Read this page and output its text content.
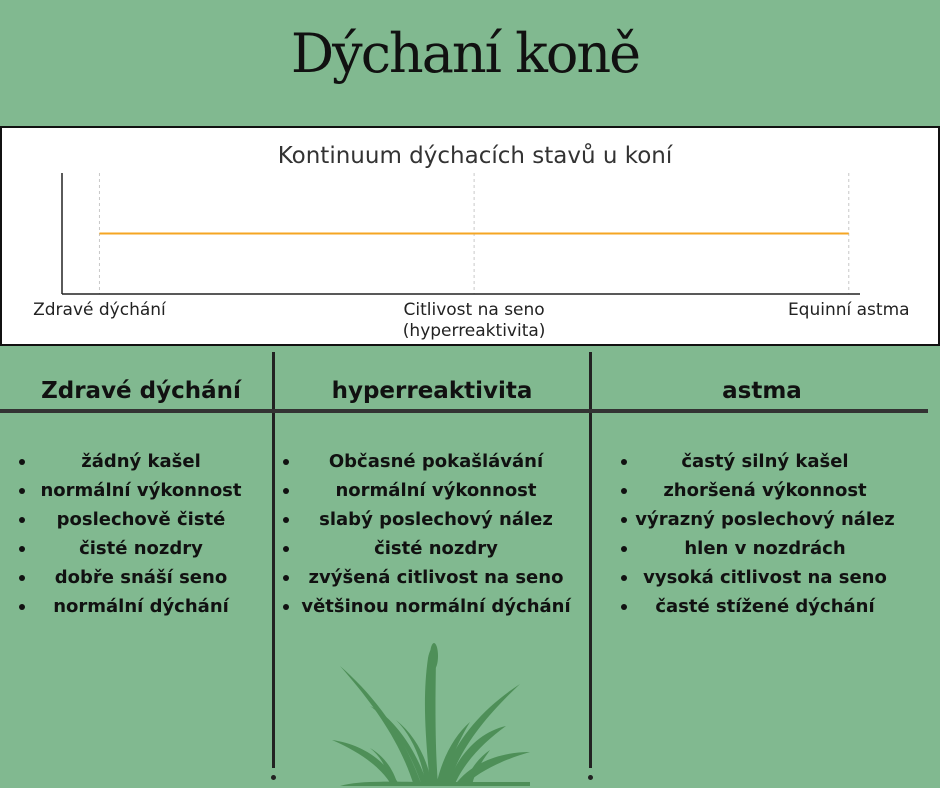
Dýchaní koně
Kontinuum dýchacích stavů u koní
Zdravé dýchání	Citlivost na seno
(hyperreaktivita)
Equinní astma
Zdravé dýchání	hyperreaktivita	astma
žádný kašel
normální výkonnost
poslechově čisté
čisté nozdry
dobře snáší seno
normální dýchání
Občasné pokašlávání
normální výkonnost
slabý poslechový nález
čisté nozdry
zvýšená citlivost na seno
většinou normální dýchání
častý silný kašel
zhoršená výkonnost
výrazný poslechový nález
hlen v nozdrách
vysoká citlivost na seno
časté stížené dýchání
